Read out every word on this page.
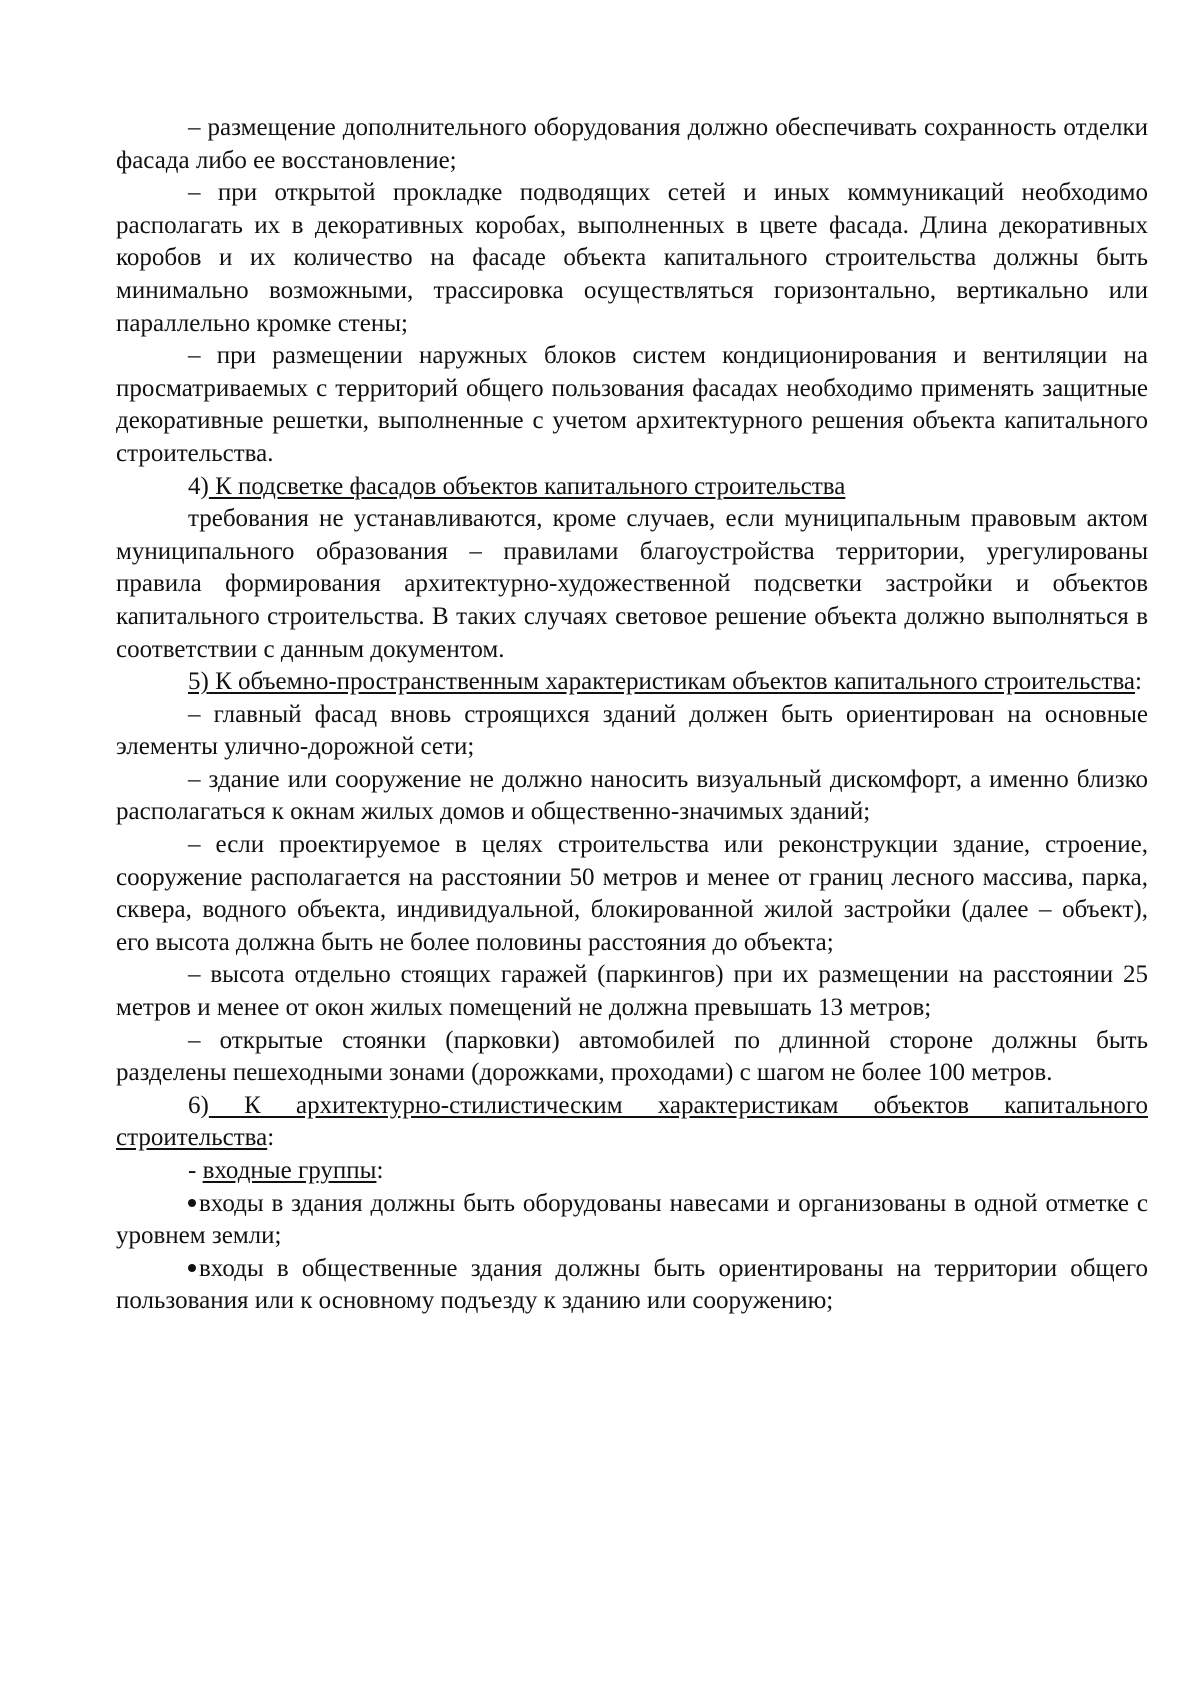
– размещение дополнительного оборудования должно обеспечивать сохранность отделки фасада либо ее восстановление;

– при открытой прокладке подводящих сетей и иных коммуникаций необходимо располагать их в декоративных коробах, выполненных в цвете фасада. Длина декоративных коробов и их количество на фасаде объекта капитального строительства должны быть минимально возможными, трассировка осуществляться горизонтально, вертикально или параллельно кромке стены;

– при размещении наружных блоков систем кондиционирования и вентиляции на просматриваемых с территорий общего пользования фасадах необходимо применять защитные декоративные решетки, выполненные с учетом архитектурного решения объекта капитального строительства.

4) К подсветке фасадов объектов капитального строительства

требования не устанавливаются, кроме случаев, если муниципальным правовым актом муниципального образования – правилами благоустройства территории, урегулированы правила формирования архитектурно-художественной подсветки застройки и объектов капитального строительства. В таких случаях световое решение объекта должно выполняться в соответствии с данным документом.

5) К объемно-пространственным характеристикам объектов капитального строительства:

– главный фасад вновь строящихся зданий должен быть ориентирован на основные элементы улично-дорожной сети;

– здание или сооружение не должно наносить визуальный дискомфорт, а именно близко располагаться к окнам жилых домов и общественно-значимых зданий;

– если проектируемое в целях строительства или реконструкции здание, строение, сооружение располагается на расстоянии 50 метров и менее от границ лесного массива, парка, сквера, водного объекта, индивидуальной, блокированной жилой застройки (далее – объект), его высота должна быть не более половины расстояния до объекта;

– высота отдельно стоящих гаражей (паркингов) при их размещении на расстоянии 25 метров и менее от окон жилых помещений не должна превышать 13 метров;

– открытые стоянки (парковки) автомобилей по длинной стороне должны быть разделены пешеходными зонами (дорожками, проходами) с шагом не более 100 метров.

6) К архитектурно-стилистическим характеристикам объектов капитального строительства:

- входные группы:

входы в здания должны быть оборудованы навесами и организованы в одной отметке с уровнем земли;

входы в общественные здания должны быть ориентированы на территории общего пользования или к основному подъезду к зданию или сооружению;
